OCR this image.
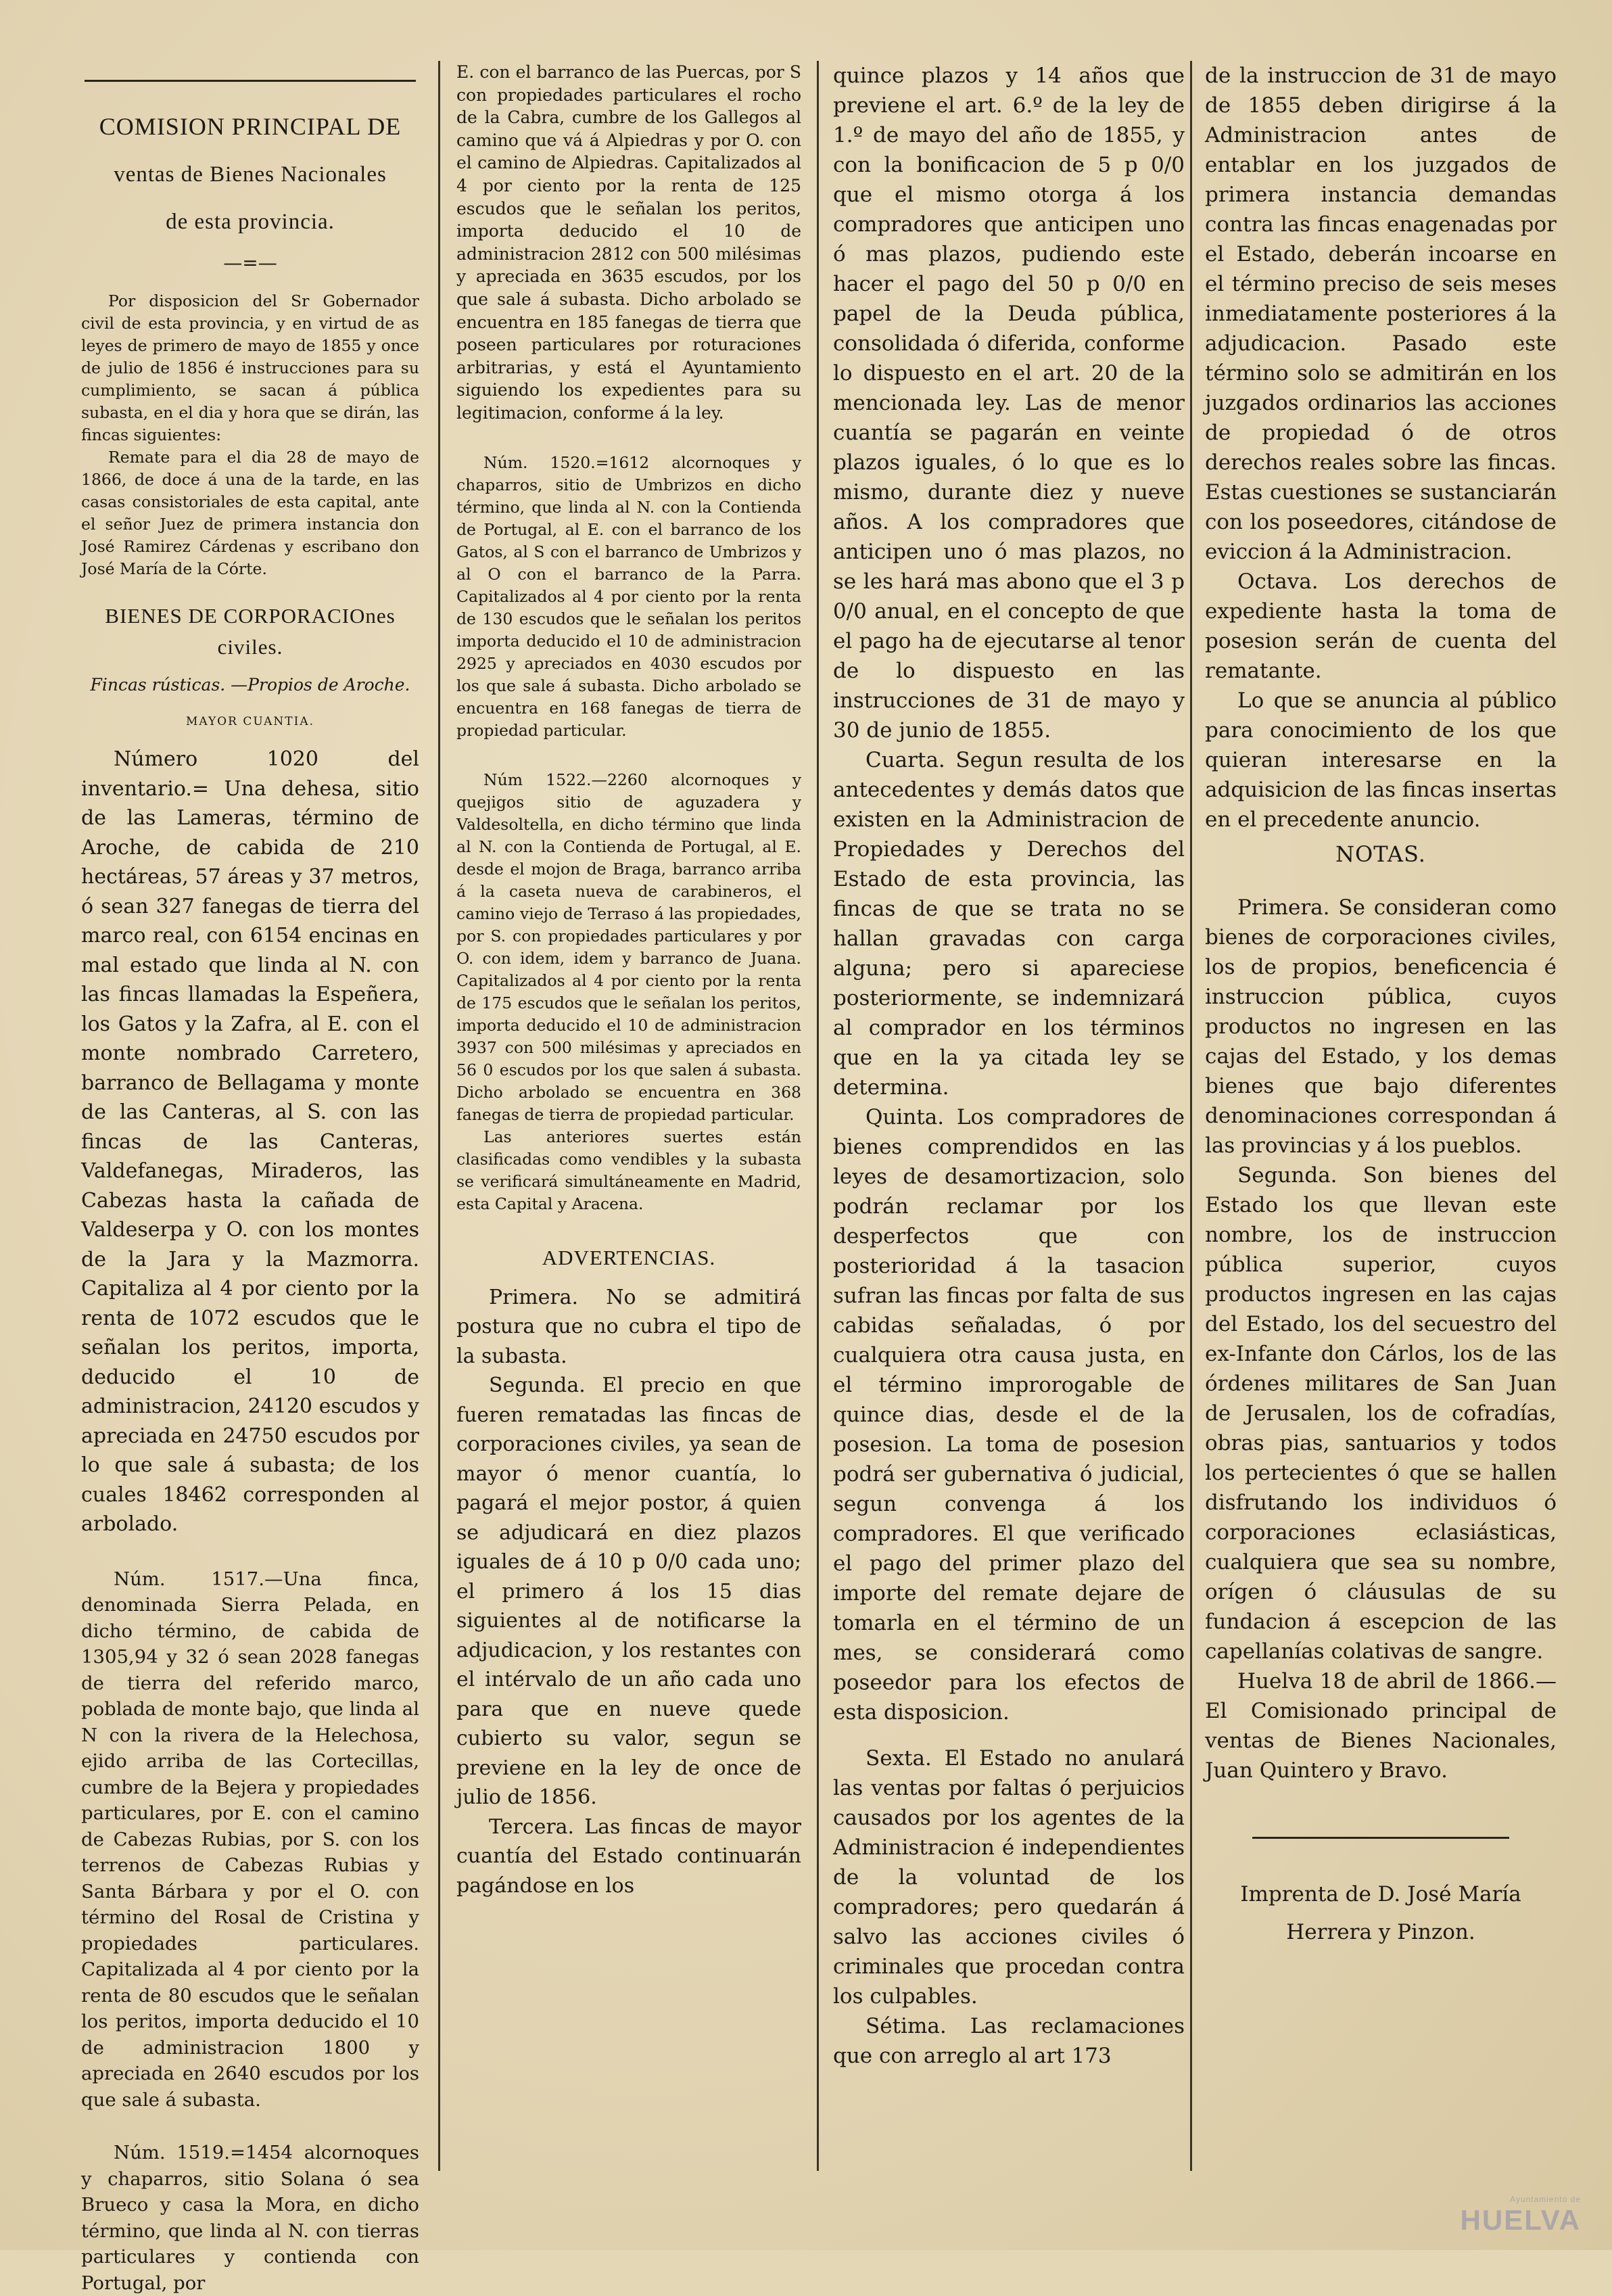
COMISION PRINCIPAL DE
ventas de Bienes Nacionales
de esta provincia.
—=—

Por disposicion del Sr Gobernador civil de esta provincia, y en virtud de as leyes de primero de mayo de 1855 y once de julio de 1856 é instrucciones para su cumplimiento, se sacan á pública subasta, en el dia y hora que se dirán, las fincas siguientes:

Remate para el dia 28 de mayo de 1866, de doce á una de la tarde, en las casas consistoriales de esta capital, ante el señor Juez de primera instancia don José Ramirez Cárdenas y escribano don José María de la Córte.

BIENES DE CORPORACIOnes civiles.

Fincas rústicas. —Propios de Aroche.

MAYOR CUANTIA.

Número 1020 del inventario.= Una dehesa, sitio de las Lameras, término de Aroche, de cabida de 210 hectáreas, 57 áreas y 37 metros, ó sean 327 fanegas de tierra del marco real, con 6154 encinas en mal estado que linda al N. con las fincas llamadas la Espeñera, los Gatos y la Zafra, al E. con el monte nombrado Carretero, barranco de Bellagama y monte de las Canteras, al S. con las fincas de las Canteras, Valdefanegas, Miraderos, las Cabezas hasta la cañada de Valdeserpa y O. con los montes de la Jara y la Mazmorra. Capitaliza al 4 por ciento por la renta de 1072 escudos que le señalan los peritos, importa, deducido el 10 de administracion, 24120 escudos y apreciada en 24750 escudos por lo que sale á subasta; de los cuales 18462 corresponden al arbolado.

Núm. 1517.—Una finca, denominada Sierra Pelada, en dicho término, de cabida de 1305,94 y 32 ó sean 2028 fanegas de tierra del referido marco, poblada de monte bajo, que linda al N con la rivera de la Helechosa, ejido arriba de las Cortecillas, cumbre de la Bejera y propiedades particulares, por E. con el camino de Cabezas Rubias, por S. con los terrenos de Cabezas Rubias y Santa Bárbara y por el O. con término del Rosal de Cristina y propiedades particulares. Capitalizada al 4 por ciento por la renta de 80 escudos que le señalan los peritos, importa deducido el 10 de administracion 1800 y apreciada en 2640 escudos por los que sale á subasta.

Núm. 1519.=1454 alcornoques y chaparros, sitio Solana ó sea Brueco y casa la Mora, en dicho término, que linda al N. con tierras particulares y contienda con Portugal, por

E. con el barranco de las Puercas, por S con propiedades particulares el rocho de la Cabra, cumbre de los Gallegos al camino que vá á Alpiedras y por O. con el camino de Alpiedras. Capitalizados al 4 por ciento por la renta de 125 escudos que le señalan los peritos, importa deducido el 10 de administracion 2812 con 500 milésimas y apreciada en 3635 escudos, por los que sale á subasta. Dicho arbolado se encuentra en 185 fanegas de tierra que poseen particulares por roturaciones arbitrarias, y está el Ayuntamiento siguiendo los expedientes para su legitimacion, conforme á la ley.

Núm. 1520.=1612 alcornoques y chaparros, sitio de Umbrizos en dicho término, que linda al N. con la Contienda de Portugal, al E. con el barranco de los Gatos, al S con el barranco de Umbrizos y al O con el barranco de la Parra. Capitalizados al 4 por ciento por la renta de 130 escudos que le señalan los peritos importa deducido el 10 de administracion 2925 y apreciados en 4030 escudos por los que sale á subasta. Dicho arbolado se encuentra en 168 fanegas de tierra de propiedad particular.

Núm 1522.—2260 alcornoques y quejigos sitio de aguzadera y Valdesoltella, en dicho término que linda al N. con la Contienda de Portugal, al E. desde el mojon de Braga, barranco arriba á la caseta nueva de carabineros, el camino viejo de Terraso á las propiedades, por S. con propiedades particulares y por O. con idem, idem y barranco de Juana. Capitalizados al 4 por ciento por la renta de 175 escudos que le señalan los peritos, importa deducido el 10 de administracion 3937 con 500 milésimas y apreciados en 56 0 escudos por los que salen á subasta. Dicho arbolado se encuentra en 368 fanegas de tierra de propiedad particular.

Las anteriores suertes están clasificadas como vendibles y la subasta se verificará simultáneamente en Madrid, esta Capital y Aracena.

ADVERTENCIAS.

Primera. No se admitirá postura que no cubra el tipo de la subasta.

Segunda. El precio en que fueren rematadas las fincas de corporaciones civiles, ya sean de mayor ó menor cuantía, lo pagará el mejor postor, á quien se adjudicará en diez plazos iguales de á 10 p 0/0 cada uno; el primero á los 15 dias siguientes al de notificarse la adjudicacion, y los restantes con el intérvalo de un año cada uno para que en nueve quede cubierto su valor, segun se previene en la ley de once de julio de 1856.

Tercera. Las fincas de mayor cuantía del Estado continuarán pagándose en los

quince plazos y 14 años que previene el art. 6.º de la ley de 1.º de mayo del año de 1855, y con la bonificacion de 5 p 0/0 que el mismo otorga á los compradores que anticipen uno ó mas plazos, pudiendo este hacer el pago del 50 p 0/0 en papel de la Deuda pública, consolidada ó diferida, conforme lo dispuesto en el art. 20 de la mencionada ley. Las de menor cuantía se pagarán en veinte plazos iguales, ó lo que es lo mismo, durante diez y nueve años. A los compradores que anticipen uno ó mas plazos, no se les hará mas abono que el 3 p 0/0 anual, en el concepto de que el pago ha de ejecutarse al tenor de lo dispuesto en las instrucciones de 31 de mayo y 30 de junio de 1855.

Cuarta. Segun resulta de los antecedentes y demás datos que existen en la Administracion de Propiedades y Derechos del Estado de esta provincia, las fincas de que se trata no se hallan gravadas con carga alguna; pero si apareciese posteriormente, se indemnizará al comprador en los términos que en la ya citada ley se determina.

Quinta. Los compradores de bienes comprendidos en las leyes de desamortizacion, solo podrán reclamar por los desperfectos que con posterioridad á la tasacion sufran las fincas por falta de sus cabidas señaladas, ó por cualquiera otra causa justa, en el término improrogable de quince dias, desde el de la posesion. La toma de posesion podrá ser gubernativa ó judicial, segun convenga á los compradores. El que verificado el pago del primer plazo del importe del remate dejare de tomarla en el término de un mes, se considerará como poseedor para los efectos de esta disposicion.

Sexta. El Estado no anulará las ventas por faltas ó perjuicios causados por los agentes de la Administracion é independientes de la voluntad de los compradores; pero quedarán á salvo las acciones civiles ó criminales que procedan contra los culpables.

Sétima. Las reclamaciones que con arreglo al art 173

de la instruccion de 31 de mayo de 1855 deben dirigirse á la Administracion antes de entablar en los juzgados de primera instancia demandas contra las fincas enagenadas por el Estado, deberán incoarse en el término preciso de seis meses inmediatamente posteriores á la adjudicacion. Pasado este término solo se admitirán en los juzgados ordinarios las acciones de propiedad ó de otros derechos reales sobre las fincas. Estas cuestiones se sustanciarán con los poseedores, citándose de eviccion á la Administracion.

Octava. Los derechos de expediente hasta la toma de posesion serán de cuenta del rematante.

Lo que se anuncia al público para conocimiento de los que quieran interesarse en la adquisicion de las fincas insertas en el precedente anuncio.

NOTAS.

Primera. Se consideran como bienes de corporaciones civiles, los de propios, beneficencia é instruccion pública, cuyos productos no ingresen en las cajas del Estado, y los demas bienes que bajo diferentes denominaciones correspondan á las provincias y á los pueblos.

Segunda. Son bienes del Estado los que llevan este nombre, los de instruccion pública superior, cuyos productos ingresen en las cajas del Estado, los del secuestro del ex-Infante don Cárlos, los de las órdenes militares de San Juan de Jerusalen, los de cofradías, obras pias, santuarios y todos los pertecientes ó que se hallen disfrutando los individuos ó corporaciones eclasiásticas, cualquiera que sea su nombre, orígen ó cláusulas de su fundacion á escepcion de las capellanías colativas de sangre.

Huelva 18 de abril de 1866.—El Comisionado principal de ventas de Bienes Nacionales, Juan Quintero y Bravo.

Imprenta de D. José María
Herrera y Pinzon.
Ayuntamiento de
HUELVA
